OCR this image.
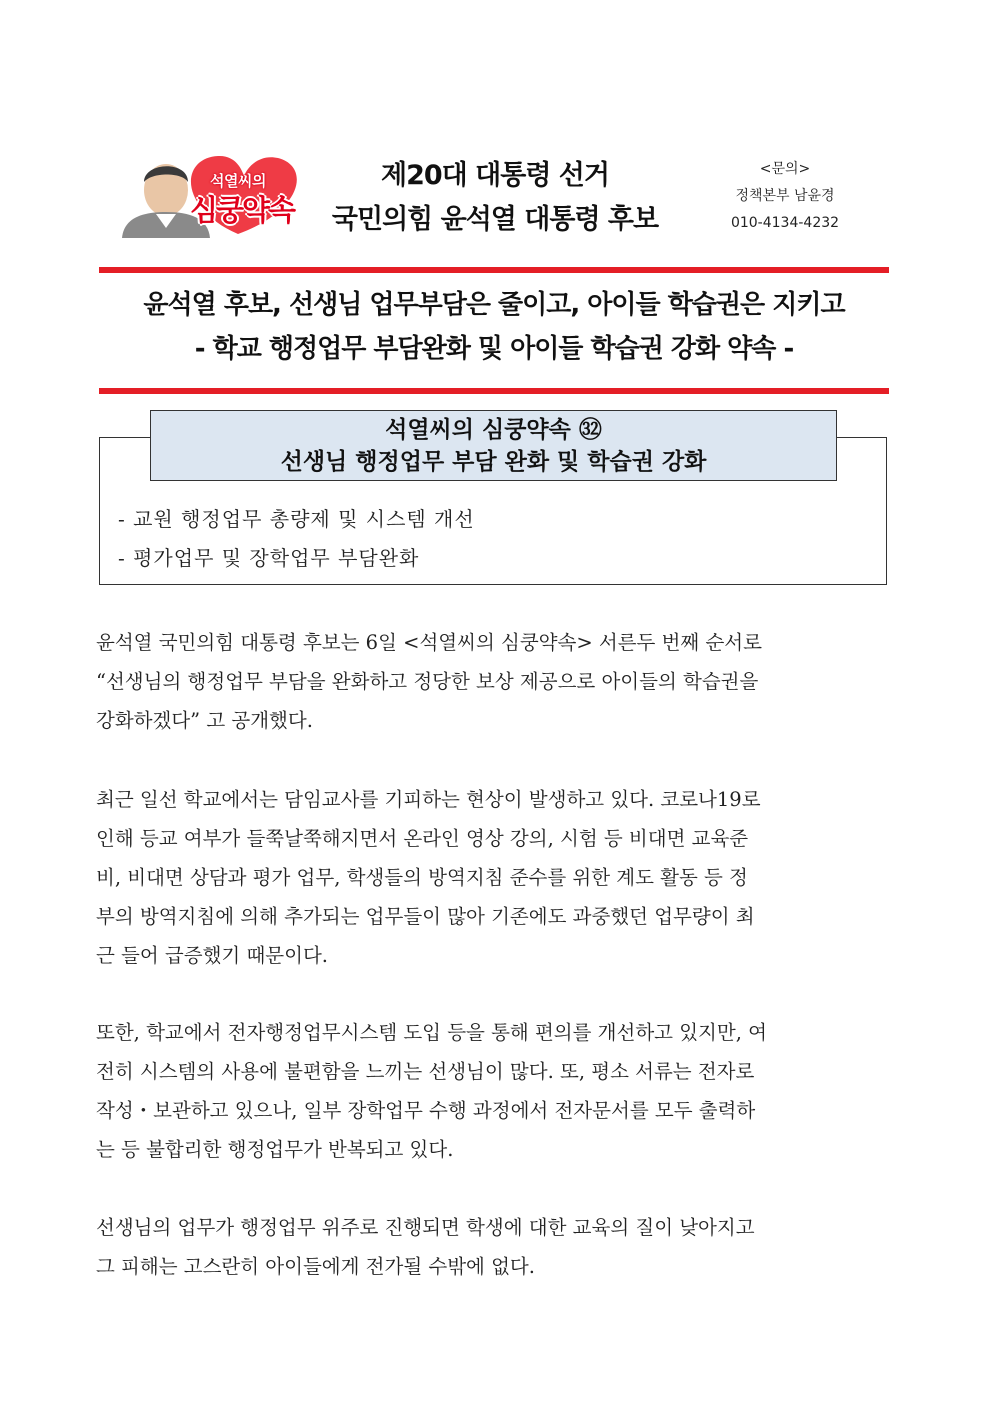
석열씨의
심쿵약속
제20대 대통령 선거
국민의힘 윤석열 대통령 후보
<문의>
정책본부 남윤경
010-4134-4232
윤석열 후보, 선생님 업무부담은 줄이고, 아이들 학습권은 지키고
- 학교 행정업무 부담완화 및 아이들 학습권 강화 약속 -
석열씨의 심쿵약속 ㉜
선생님 행정업무 부담 완화 및 학습권 강화
- 교원 행정업무 총량제 및 시스템 개선
- 평가업무 및 장학업무 부담완화
윤석열 국민의힘 대통령 후보는 6일 <석열씨의 심쿵약속> 서른두 번째 순서로
“선생님의 행정업무 부담을 완화하고 정당한 보상 제공으로 아이들의 학습권을
강화하겠다” 고 공개했다.
최근 일선 학교에서는 담임교사를 기피하는 현상이 발생하고 있다. 코로나19로
인해 등교 여부가 들쭉날쭉해지면서 온라인 영상 강의, 시험 등 비대면 교육준
비, 비대면 상담과 평가 업무, 학생들의 방역지침 준수를 위한 계도 활동 등 정
부의 방역지침에 의해 추가되는 업무들이 많아 기존에도 과중했던 업무량이 최
근 들어 급증했기 때문이다.
또한, 학교에서 전자행정업무시스템 도입 등을 통해 편의를 개선하고 있지만, 여
전히 시스템의 사용에 불편함을 느끼는 선생님이 많다. 또, 평소 서류는 전자로
작성・보관하고 있으나, 일부 장학업무 수행 과정에서 전자문서를 모두 출력하
는 등 불합리한 행정업무가 반복되고 있다.
선생님의 업무가 행정업무 위주로 진행되면 학생에 대한 교육의 질이 낮아지고
그 피해는 고스란히 아이들에게 전가될 수밖에 없다.
